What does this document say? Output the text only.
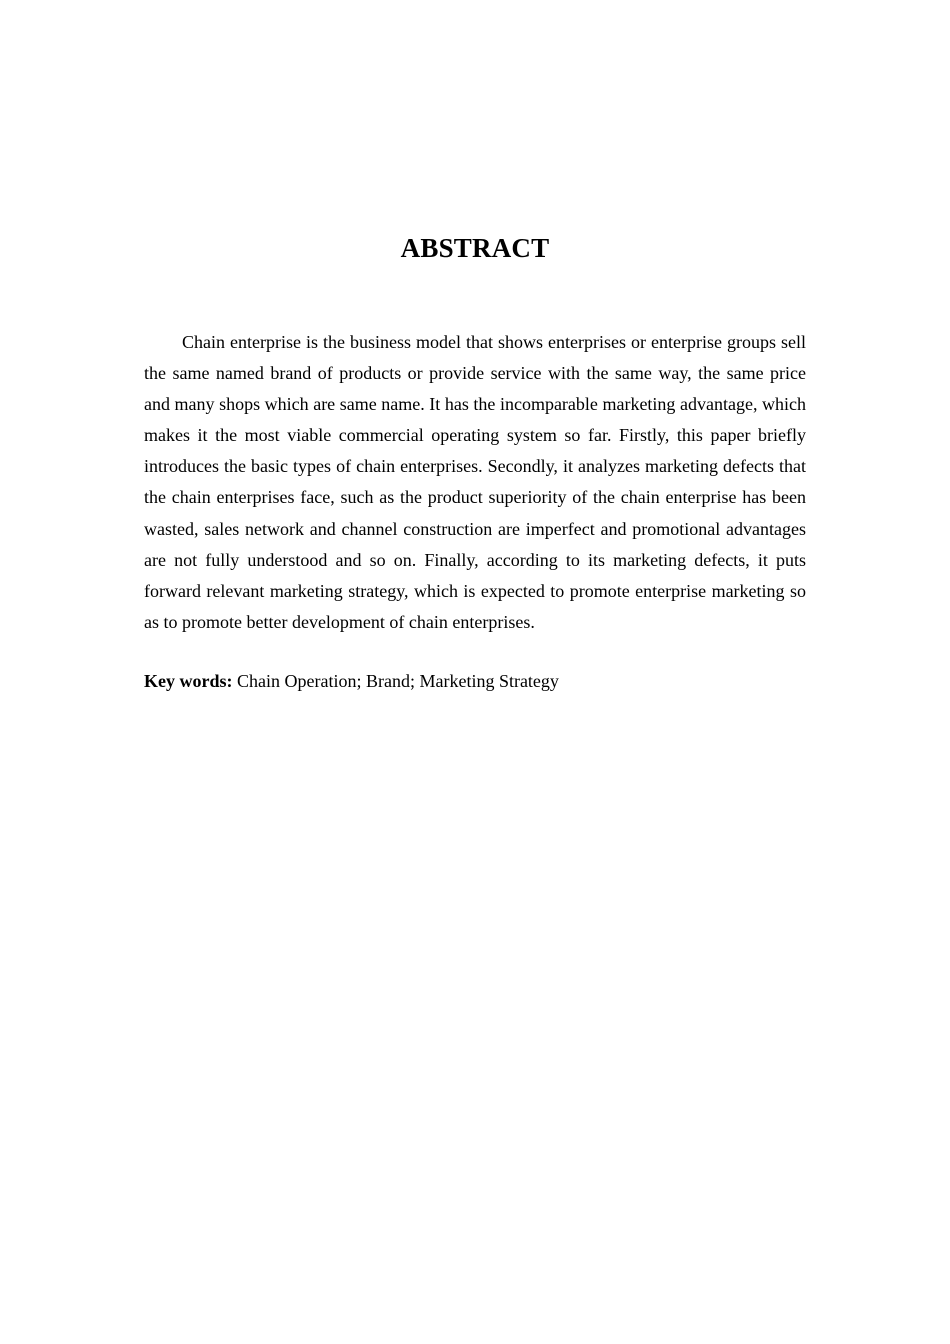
ABSTRACT

Chain enterprise is the business model that shows enterprises or enterprise groups sell the same named brand of products or provide service with the same way, the same price and many shops which are same name. It has the incomparable marketing advantage, which makes it the most viable commercial operating system so far. Firstly, this paper briefly introduces the basic types of chain enterprises. Secondly, it analyzes marketing defects that the chain enterprises face, such as the product superiority of the chain enterprise has been wasted, sales network and channel construction are imperfect and promotional advantages are not fully understood and so on. Finally, according to its marketing defects, it puts forward relevant marketing strategy, which is expected to promote enterprise marketing so as to promote better development of chain enterprises.

Key words: Chain Operation; Brand; Marketing Strategy
